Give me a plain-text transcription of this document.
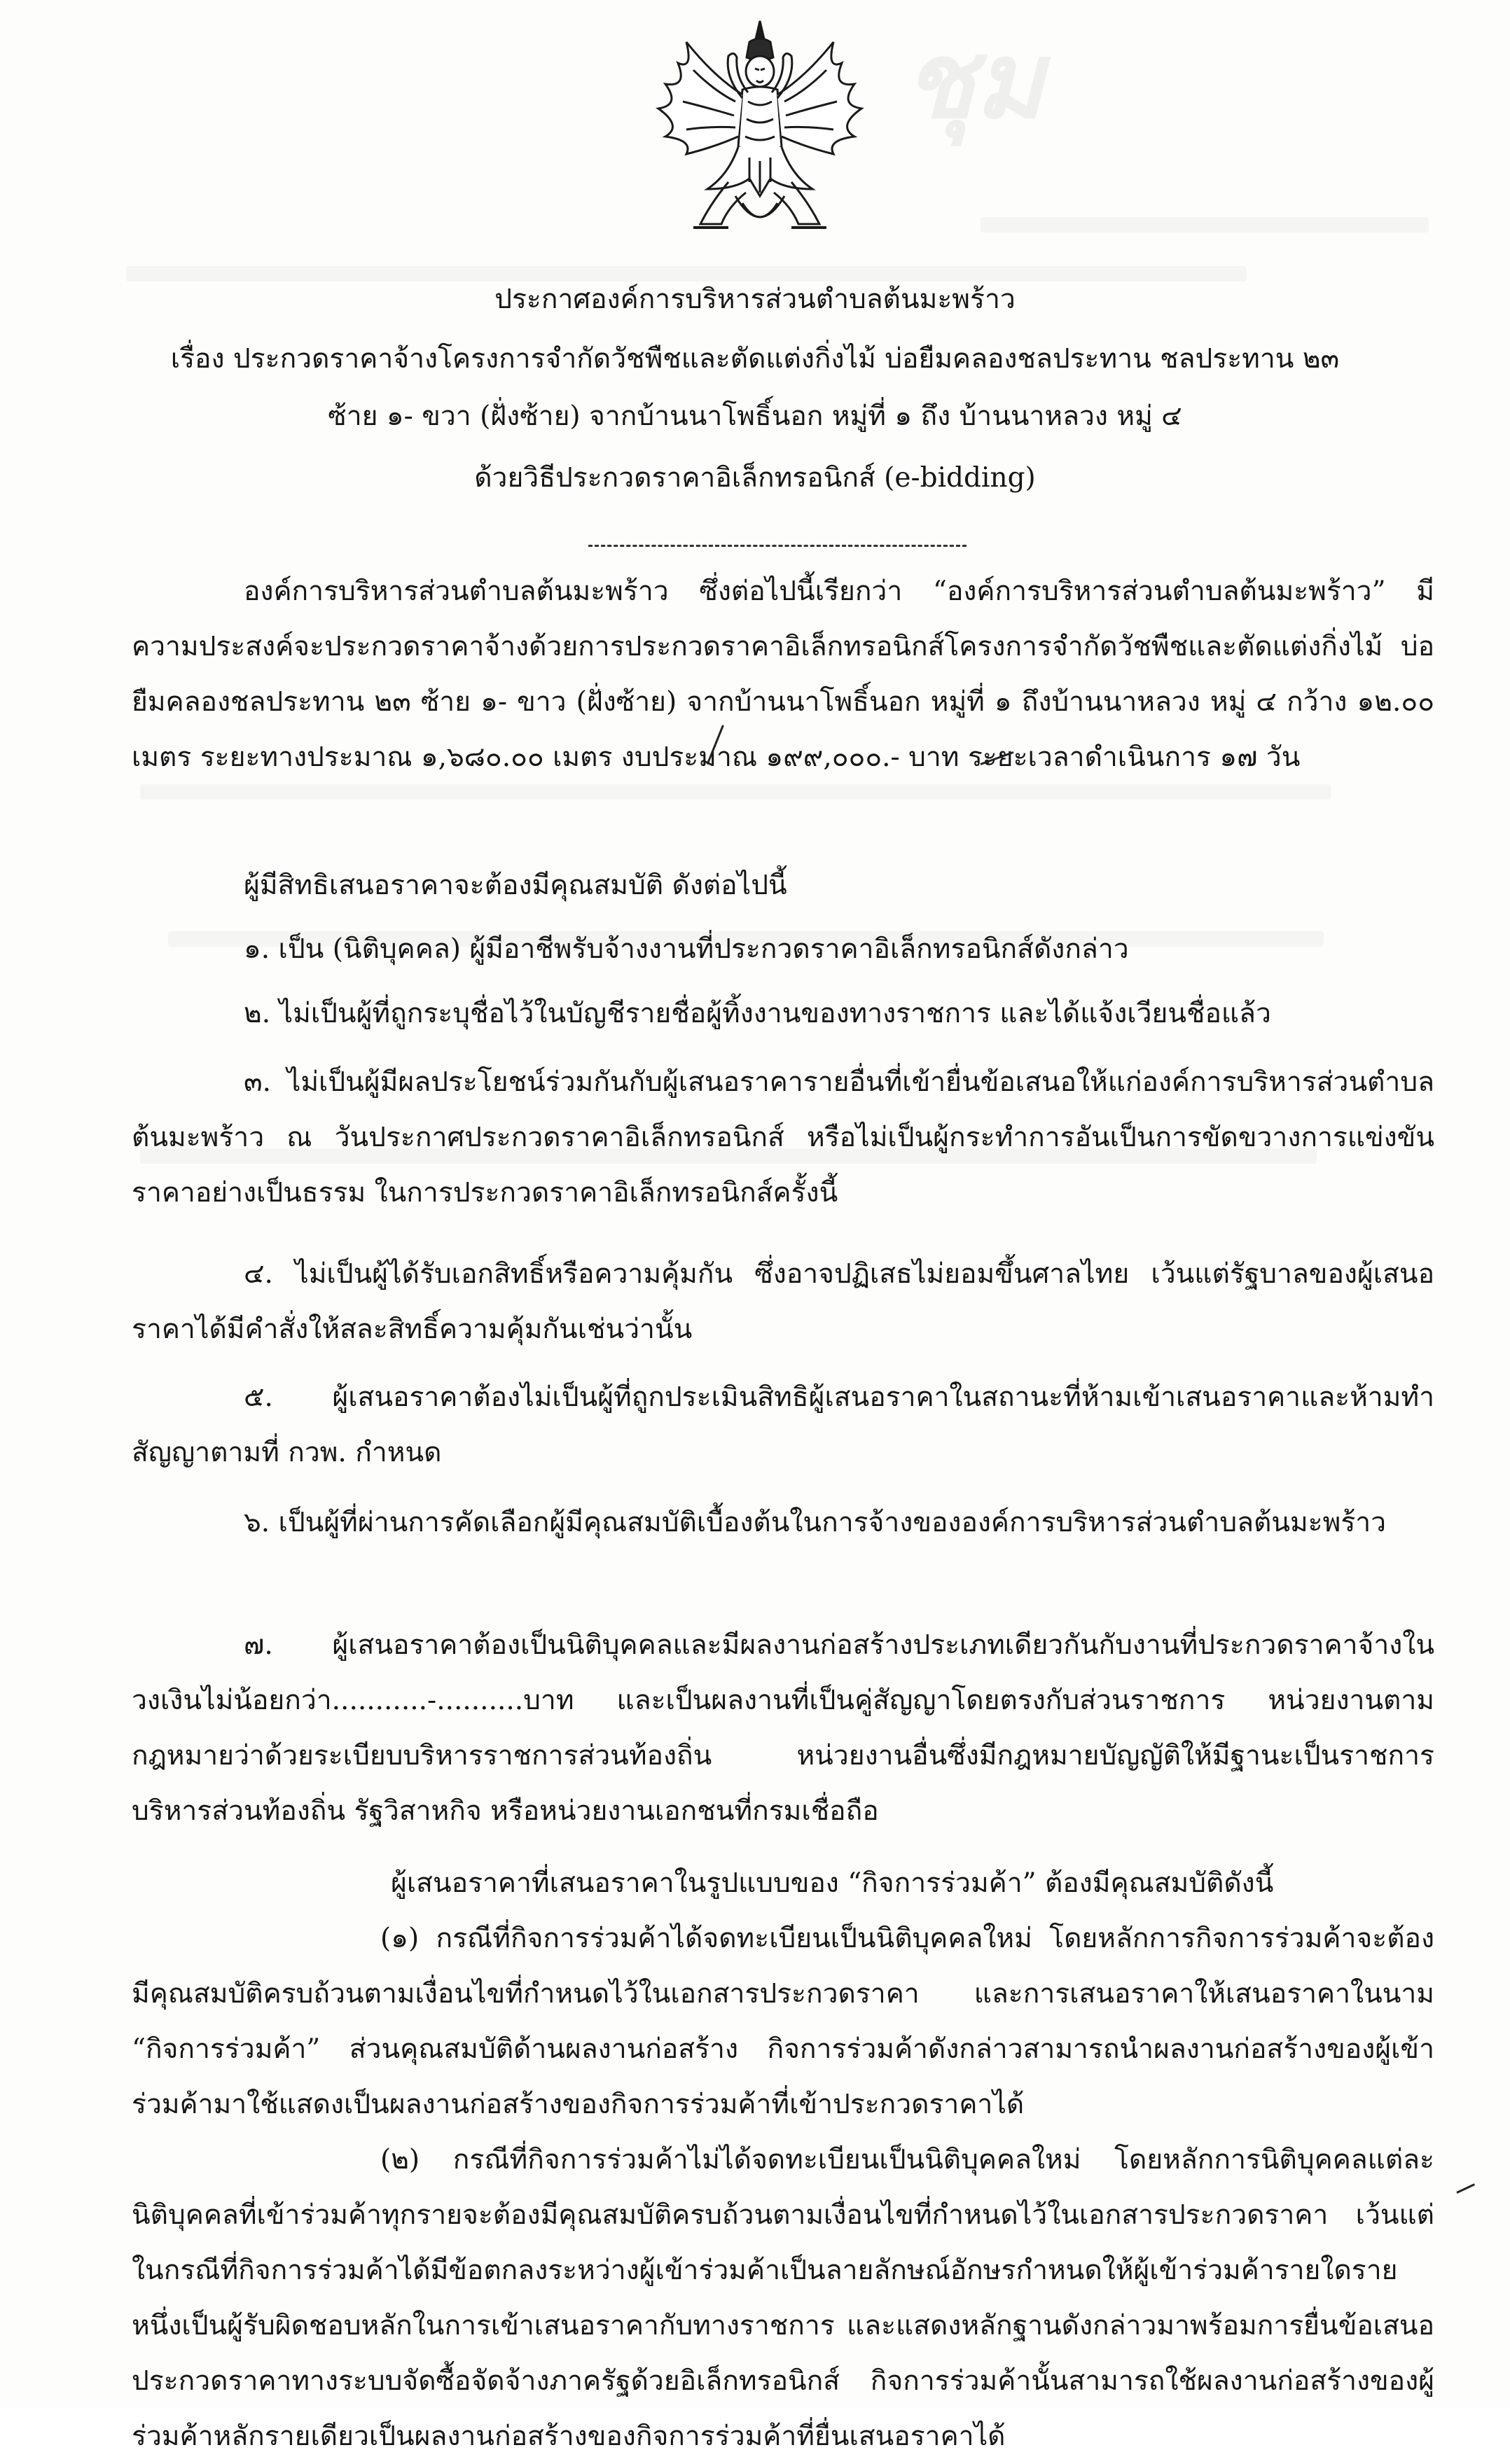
ชุม
ประกาศองค์การบริหารส่วนตำบลต้นมะพร้าว
เรื่อง ประกวดราคาจ้างโครงการจำกัดวัชพืชและตัดแต่งกิ่งไม้ บ่อยืมคลองชลประทาน ชลประทาน ๒๓
ซ้าย ๑- ขวา (ฝั่งซ้าย) จากบ้านนาโพธิ์นอก หมู่ที่ ๑ ถึง บ้านนาหลวง หมู่ ๔
ด้วยวิธีประกวดราคาอิเล็กทรอนิกส์ (e-bidding)
องค์การบริหารส่วนตำบลต้นมะพร้าว ซึ่งต่อไปนี้เรียกว่า “องค์การบริหารส่วนตำบลต้นมะพร้าว” มีความประสงค์จะประกวดราคาจ้างด้วยการประกวดราคาอิเล็กทรอนิกส์โครงการจำกัดวัชพืชและตัดแต่งกิ่งไม้ บ่อยืมคลองชลประทาน ๒๓ ซ้าย ๑- ขาว (ฝั่งซ้าย) จากบ้านนาโพธิ์นอก หมู่ที่ ๑ ถึงบ้านนาหลวง หมู่ ๔ กว้าง ๑๒.๐๐ เมตร ระยะทางประมาณ ๑,๖๘๐.๐๐ เมตร งบประมาณ ๑๙๙,๐๐๐.- บาท ระยะเวลาดำเนินการ ๑๗ วัน
ผู้มีสิทธิเสนอราคาจะต้องมีคุณสมบัติ ดังต่อไปนี้
๑. เป็น (นิติบุคคล) ผู้มีอาชีพรับจ้างงานที่ประกวดราคาอิเล็กทรอนิกส์ดังกล่าว
๒. ไม่เป็นผู้ที่ถูกระบุชื่อไว้ในบัญชีรายชื่อผู้ทิ้งงานของทางราชการ และได้แจ้งเวียนชื่อแล้ว
๓. ไม่เป็นผู้มีผลประโยชน์ร่วมกันกับผู้เสนอราคารายอื่นที่เข้ายื่นข้อเสนอให้แก่องค์การบริหารส่วนตำบลต้นมะพร้าว ณ วันประกาศประกวดราคาอิเล็กทรอนิกส์ หรือไม่เป็นผู้กระทำการอันเป็นการขัดขวางการแข่งขันราคาอย่างเป็นธรรม ในการประกวดราคาอิเล็กทรอนิกส์ครั้งนี้
๔. ไม่เป็นผู้ได้รับเอกสิทธิ์หรือความคุ้มกัน ซึ่งอาจปฏิเสธไม่ยอมขึ้นศาลไทย เว้นแต่รัฐบาลของผู้เสนอราคาได้มีคำสั่งให้สละสิทธิ์ความคุ้มกันเช่นว่านั้น
๕. ผู้เสนอราคาต้องไม่เป็นผู้ที่ถูกประเมินสิทธิผู้เสนอราคาในสถานะที่ห้ามเข้าเสนอราคาและห้ามทำสัญญาตามที่ กวพ. กำหนด
๖. เป็นผู้ที่ผ่านการคัดเลือกผู้มีคุณสมบัติเบื้องต้นในการจ้างขององค์การบริหารส่วนตำบลต้นมะพร้าว
๗. ผู้เสนอราคาต้องเป็นนิติบุคคลและมีผลงานก่อสร้างประเภทเดียวกันกับงานที่ประกวดราคาจ้างในวงเงินไม่น้อยกว่า...........-..........บาท และเป็นผลงานที่เป็นคู่สัญญาโดยตรงกับส่วนราชการ หน่วยงานตามกฎหมายว่าด้วยระเบียบบริหารราชการส่วนท้องถิ่น หน่วยงานอื่นซึ่งมีกฎหมายบัญญัติให้มีฐานะเป็นราชการบริหารส่วนท้องถิ่น รัฐวิสาหกิจ หรือหน่วยงานเอกชนที่กรมเชื่อถือ
ผู้เสนอราคาที่เสนอราคาในรูปแบบของ “กิจการร่วมค้า” ต้องมีคุณสมบัติดังนี้
(๑) กรณีที่กิจการร่วมค้าได้จดทะเบียนเป็นนิติบุคคลใหม่ โดยหลักการกิจการร่วมค้าจะต้องมีคุณสมบัติครบถ้วนตามเงื่อนไขที่กำหนดไว้ในเอกสารประกวดราคา และการเสนอราคาให้เสนอราคาในนาม “กิจการร่วมค้า” ส่วนคุณสมบัติด้านผลงานก่อสร้าง กิจการร่วมค้าดังกล่าวสามารถนำผลงานก่อสร้างของผู้เข้าร่วมค้ามาใช้แสดงเป็นผลงานก่อสร้างของกิจการร่วมค้าที่เข้าประกวดราคาได้
(๒) กรณีที่กิจการร่วมค้าไม่ได้จดทะเบียนเป็นนิติบุคคลใหม่ โดยหลักการนิติบุคคลแต่ละนิติบุคคลที่เข้าร่วมค้าทุกรายจะต้องมีคุณสมบัติครบถ้วนตามเงื่อนไขที่กำหนดไว้ในเอกสารประกวดราคา เว้นแต่ในกรณีที่กิจการร่วมค้าได้มีข้อตกลงระหว่างผู้เข้าร่วมค้าเป็นลายลักษณ์อักษรกำหนดให้ผู้เข้าร่วมค้ารายใดรายหนึ่งเป็นผู้รับผิดชอบหลักในการเข้าเสนอราคากับทางราชการ และแสดงหลักฐานดังกล่าวมาพร้อมการยื่นข้อเสนอประกวดราคาทางระบบจัดซื้อจัดจ้างภาครัฐด้วยอิเล็กทรอนิกส์ กิจการร่วมค้านั้นสามารถใช้ผลงานก่อสร้างของผู้ร่วมค้าหลักรายเดียวเป็นผลงานก่อสร้างของกิจการร่วมค้าที่ยื่นเสนอราคาได้
